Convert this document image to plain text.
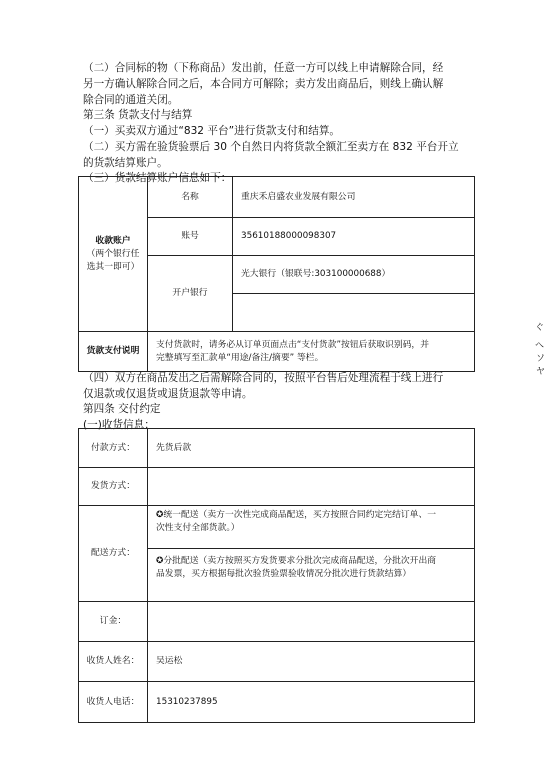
（二）合同标的物（下称商品）发出前，任意一方可以线上申请解除合同，经
另一方确认解除合同之后，本合同方可解除；卖方发出商品后，则线上确认解
除合同的通道关闭。
第三条 货款支付与结算
（一）买卖双方通过“832 平台”进行货款支付和结算。
（二）买方需在验货验票后 30 个自然日内将货款全额汇至卖方在 832 平台开立
的货款结算账户。
（三）货款结算账户信息如下：
收款账户
（两个银行任
选其一即可）	名称	重庆禾启盛农业发展有限公司
	账号	35610188000098307
	开户银行	光大银行（银联号:303100000688）

货款支付说明	支付货款时，请务必从订单页面点击“支付货款”按钮后获取识别码，并
完整填写至汇款单“用途/备注/摘要” 等栏。	
（四）双方在商品发出之后需解除合同的，按照平台售后处理流程于线上进行
仅退款或仅退货或退货退款等申请。
第四条 交付约定
(一)收货信息：
付款方式：	先货后款
发货方式：	
配送方式：	✪统一配送（卖方一次性完成商品配送，买方按照合同约定完结订单、一
次性支付全部货款。）
✪分批配送（卖方按照买方发货要求分批次完成商品配送，分批次开出商
品发票，买方根据每批次验货验票验收情况分批次进行货款结算）

订金：	
收货人姓名：	吴运松
收货人电话：	15310237895
ぐ
へ
ソ
ヤ
